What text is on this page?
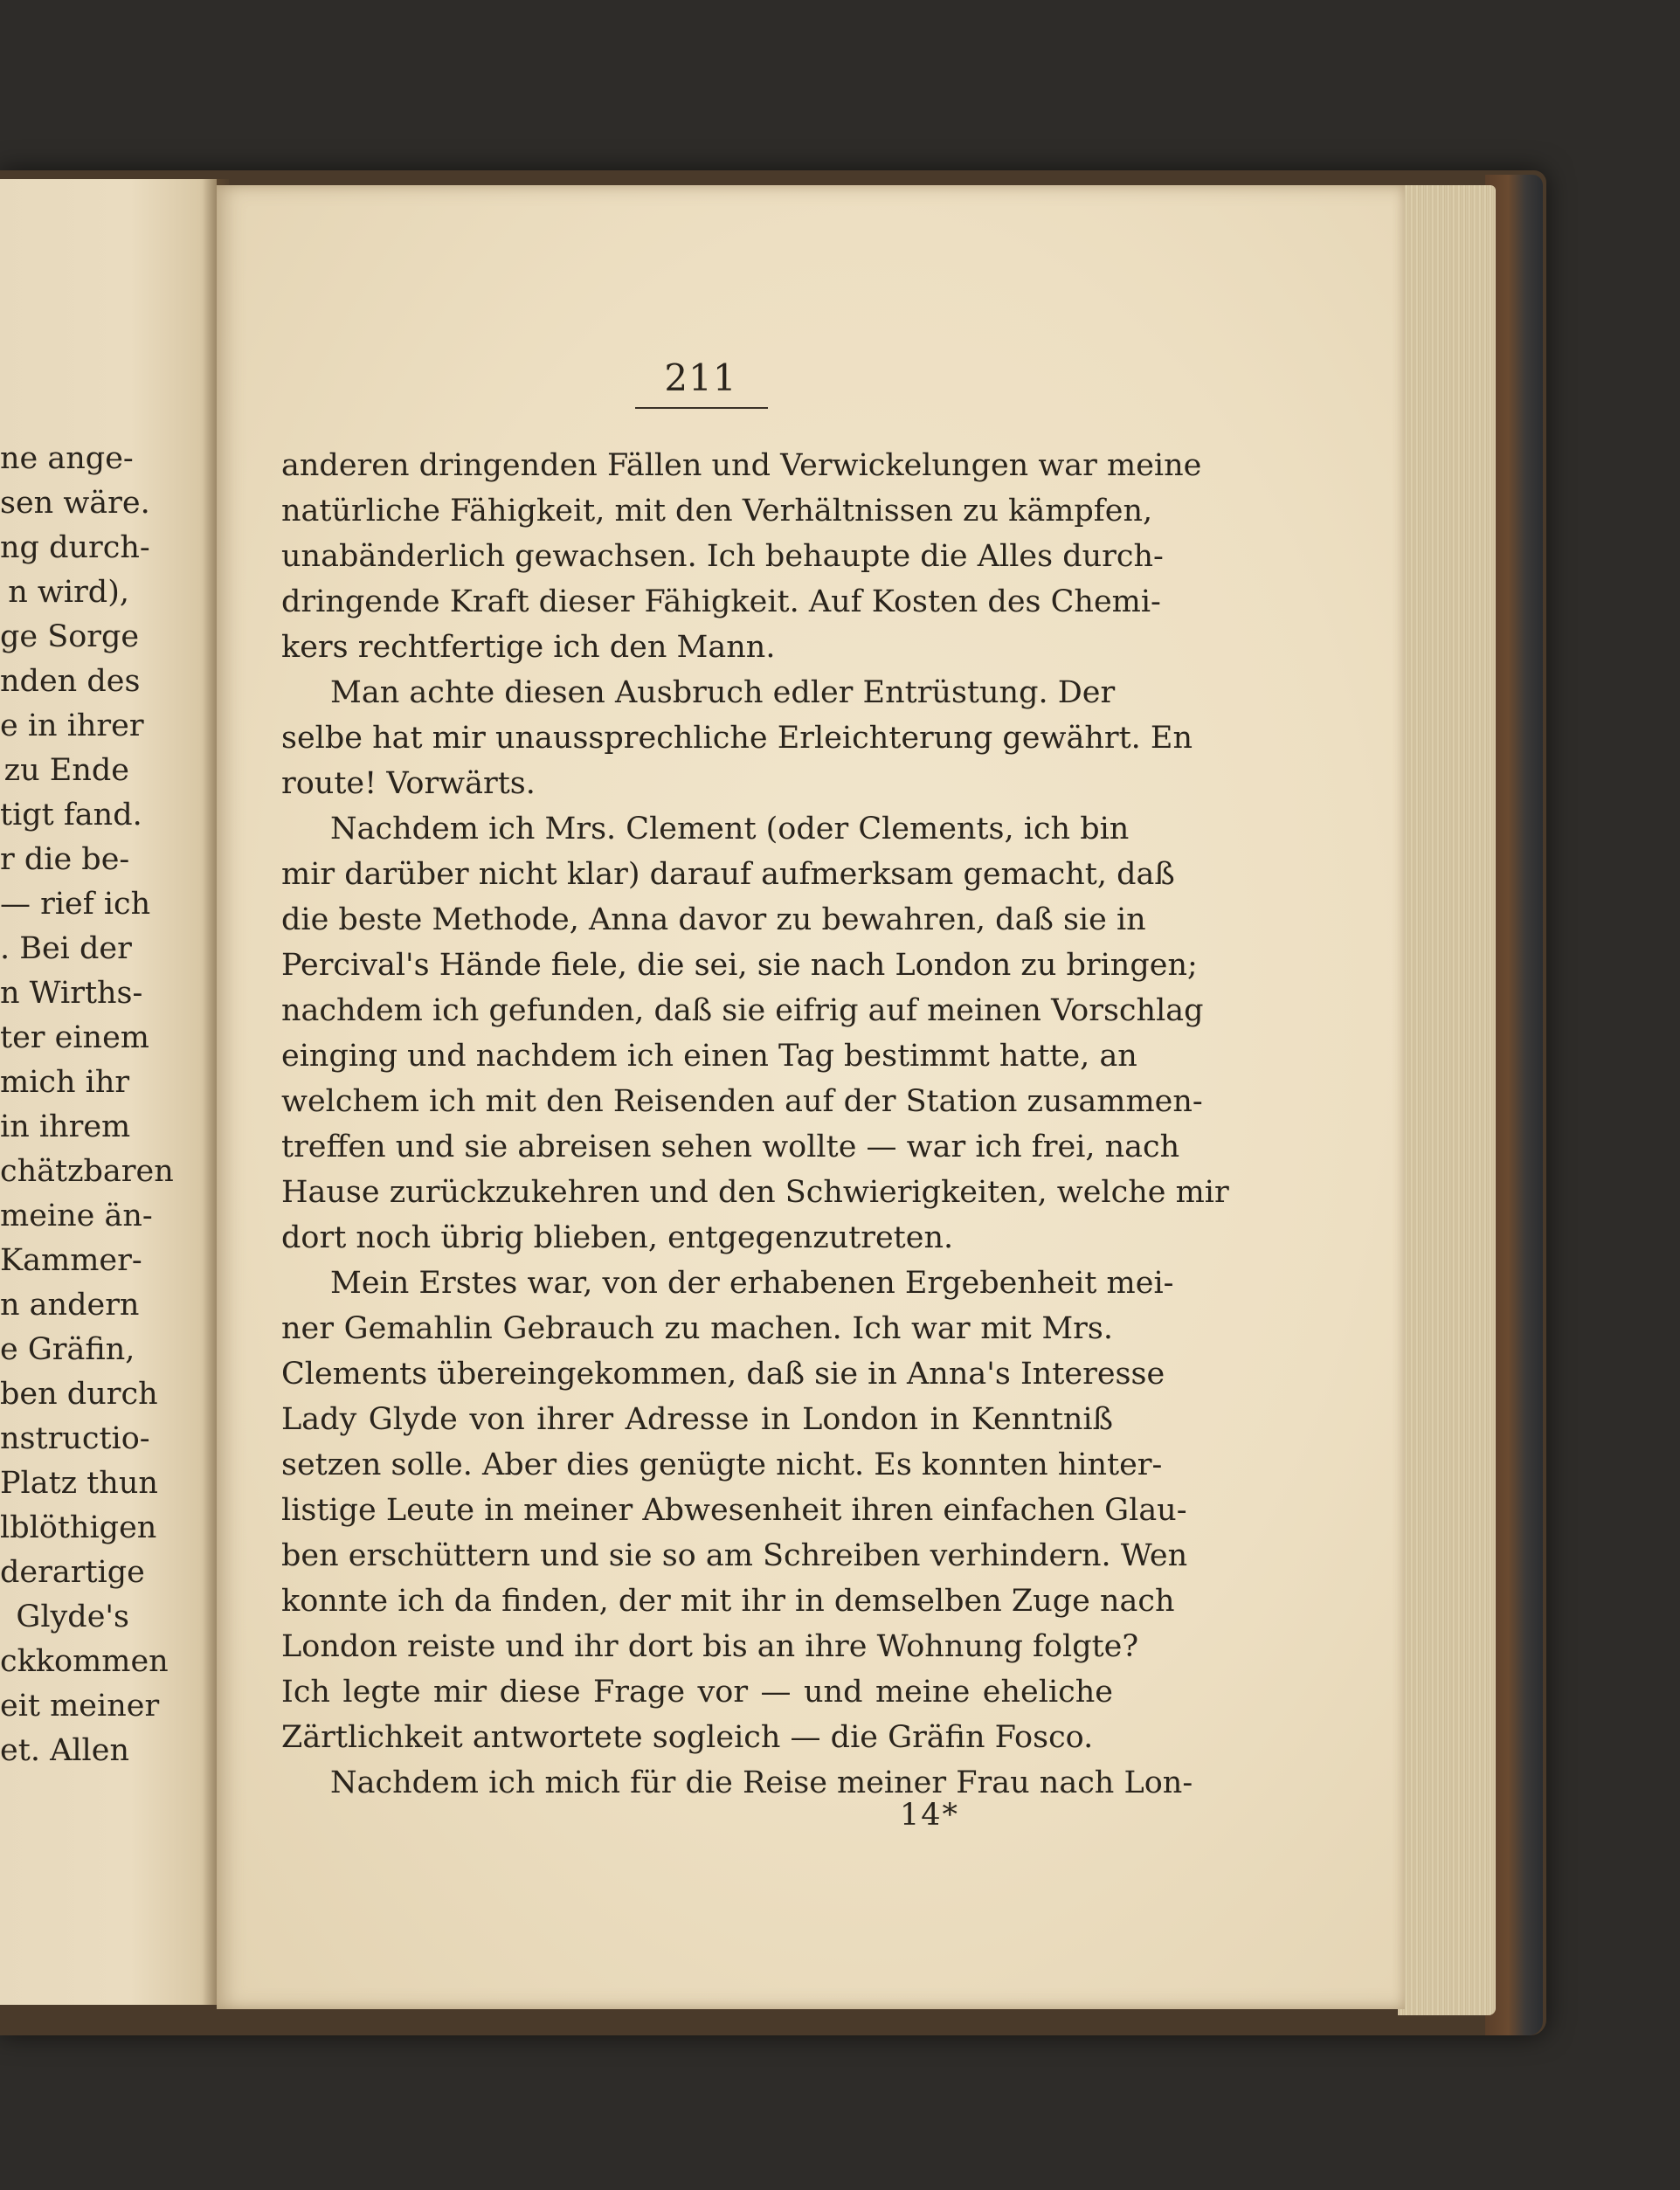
ne ange-
sen wäre.
ng durch-
n wird),
ge Sorge
nden des
e in ihrer
zu Ende
tigt fand.
r die be-
— rief ich
. Bei der
n Wirths-
ter einem
mich ihr
in ihrem
chätzbaren
meine än-
Kammer-
n andern
e Gräfin,
ben durch
nstructio-
Platz thun
lblöthigen
derartige
Glyde's
ckkommen
eit meiner
et. Allen
211
anderen dringenden Fällen und Verwickelungen war meine
natürliche Fähigkeit, mit den Verhältnissen zu kämpfen,
unabänderlich gewachsen. Ich behaupte die Alles durch-
dringende Kraft dieser Fähigkeit. Auf Kosten des Chemi-
kers rechtfertige ich den Mann.
Man achte diesen Ausbruch edler Entrüstung. Der
selbe hat mir unaussprechliche Erleichterung gewährt. En
route! Vorwärts.
Nachdem ich Mrs. Clement (oder Clements, ich bin
mir darüber nicht klar) darauf aufmerksam gemacht, daß
die beste Methode, Anna davor zu bewahren, daß sie in
Percival's Hände fiele, die sei, sie nach London zu bringen;
nachdem ich gefunden, daß sie eifrig auf meinen Vorschlag
einging und nachdem ich einen Tag bestimmt hatte, an
welchem ich mit den Reisenden auf der Station zusammen-
treffen und sie abreisen sehen wollte — war ich frei, nach
Hause zurückzukehren und den Schwierigkeiten, welche mir
dort noch übrig blieben, entgegenzutreten.
Mein Erstes war, von der erhabenen Ergebenheit mei-
ner Gemahlin Gebrauch zu machen. Ich war mit Mrs.
Clements übereingekommen, daß sie in Anna's Interesse
Lady Glyde von ihrer Adresse in London in Kenntniß
setzen solle. Aber dies genügte nicht. Es konnten hinter-
listige Leute in meiner Abwesenheit ihren einfachen Glau-
ben erschüttern und sie so am Schreiben verhindern. Wen
konnte ich da finden, der mit ihr in demselben Zuge nach
London reiste und ihr dort bis an ihre Wohnung folgte?
Ich legte mir diese Frage vor — und meine eheliche
Zärtlichkeit antwortete sogleich — die Gräfin Fosco.
Nachdem ich mich für die Reise meiner Frau nach Lon-
14*
